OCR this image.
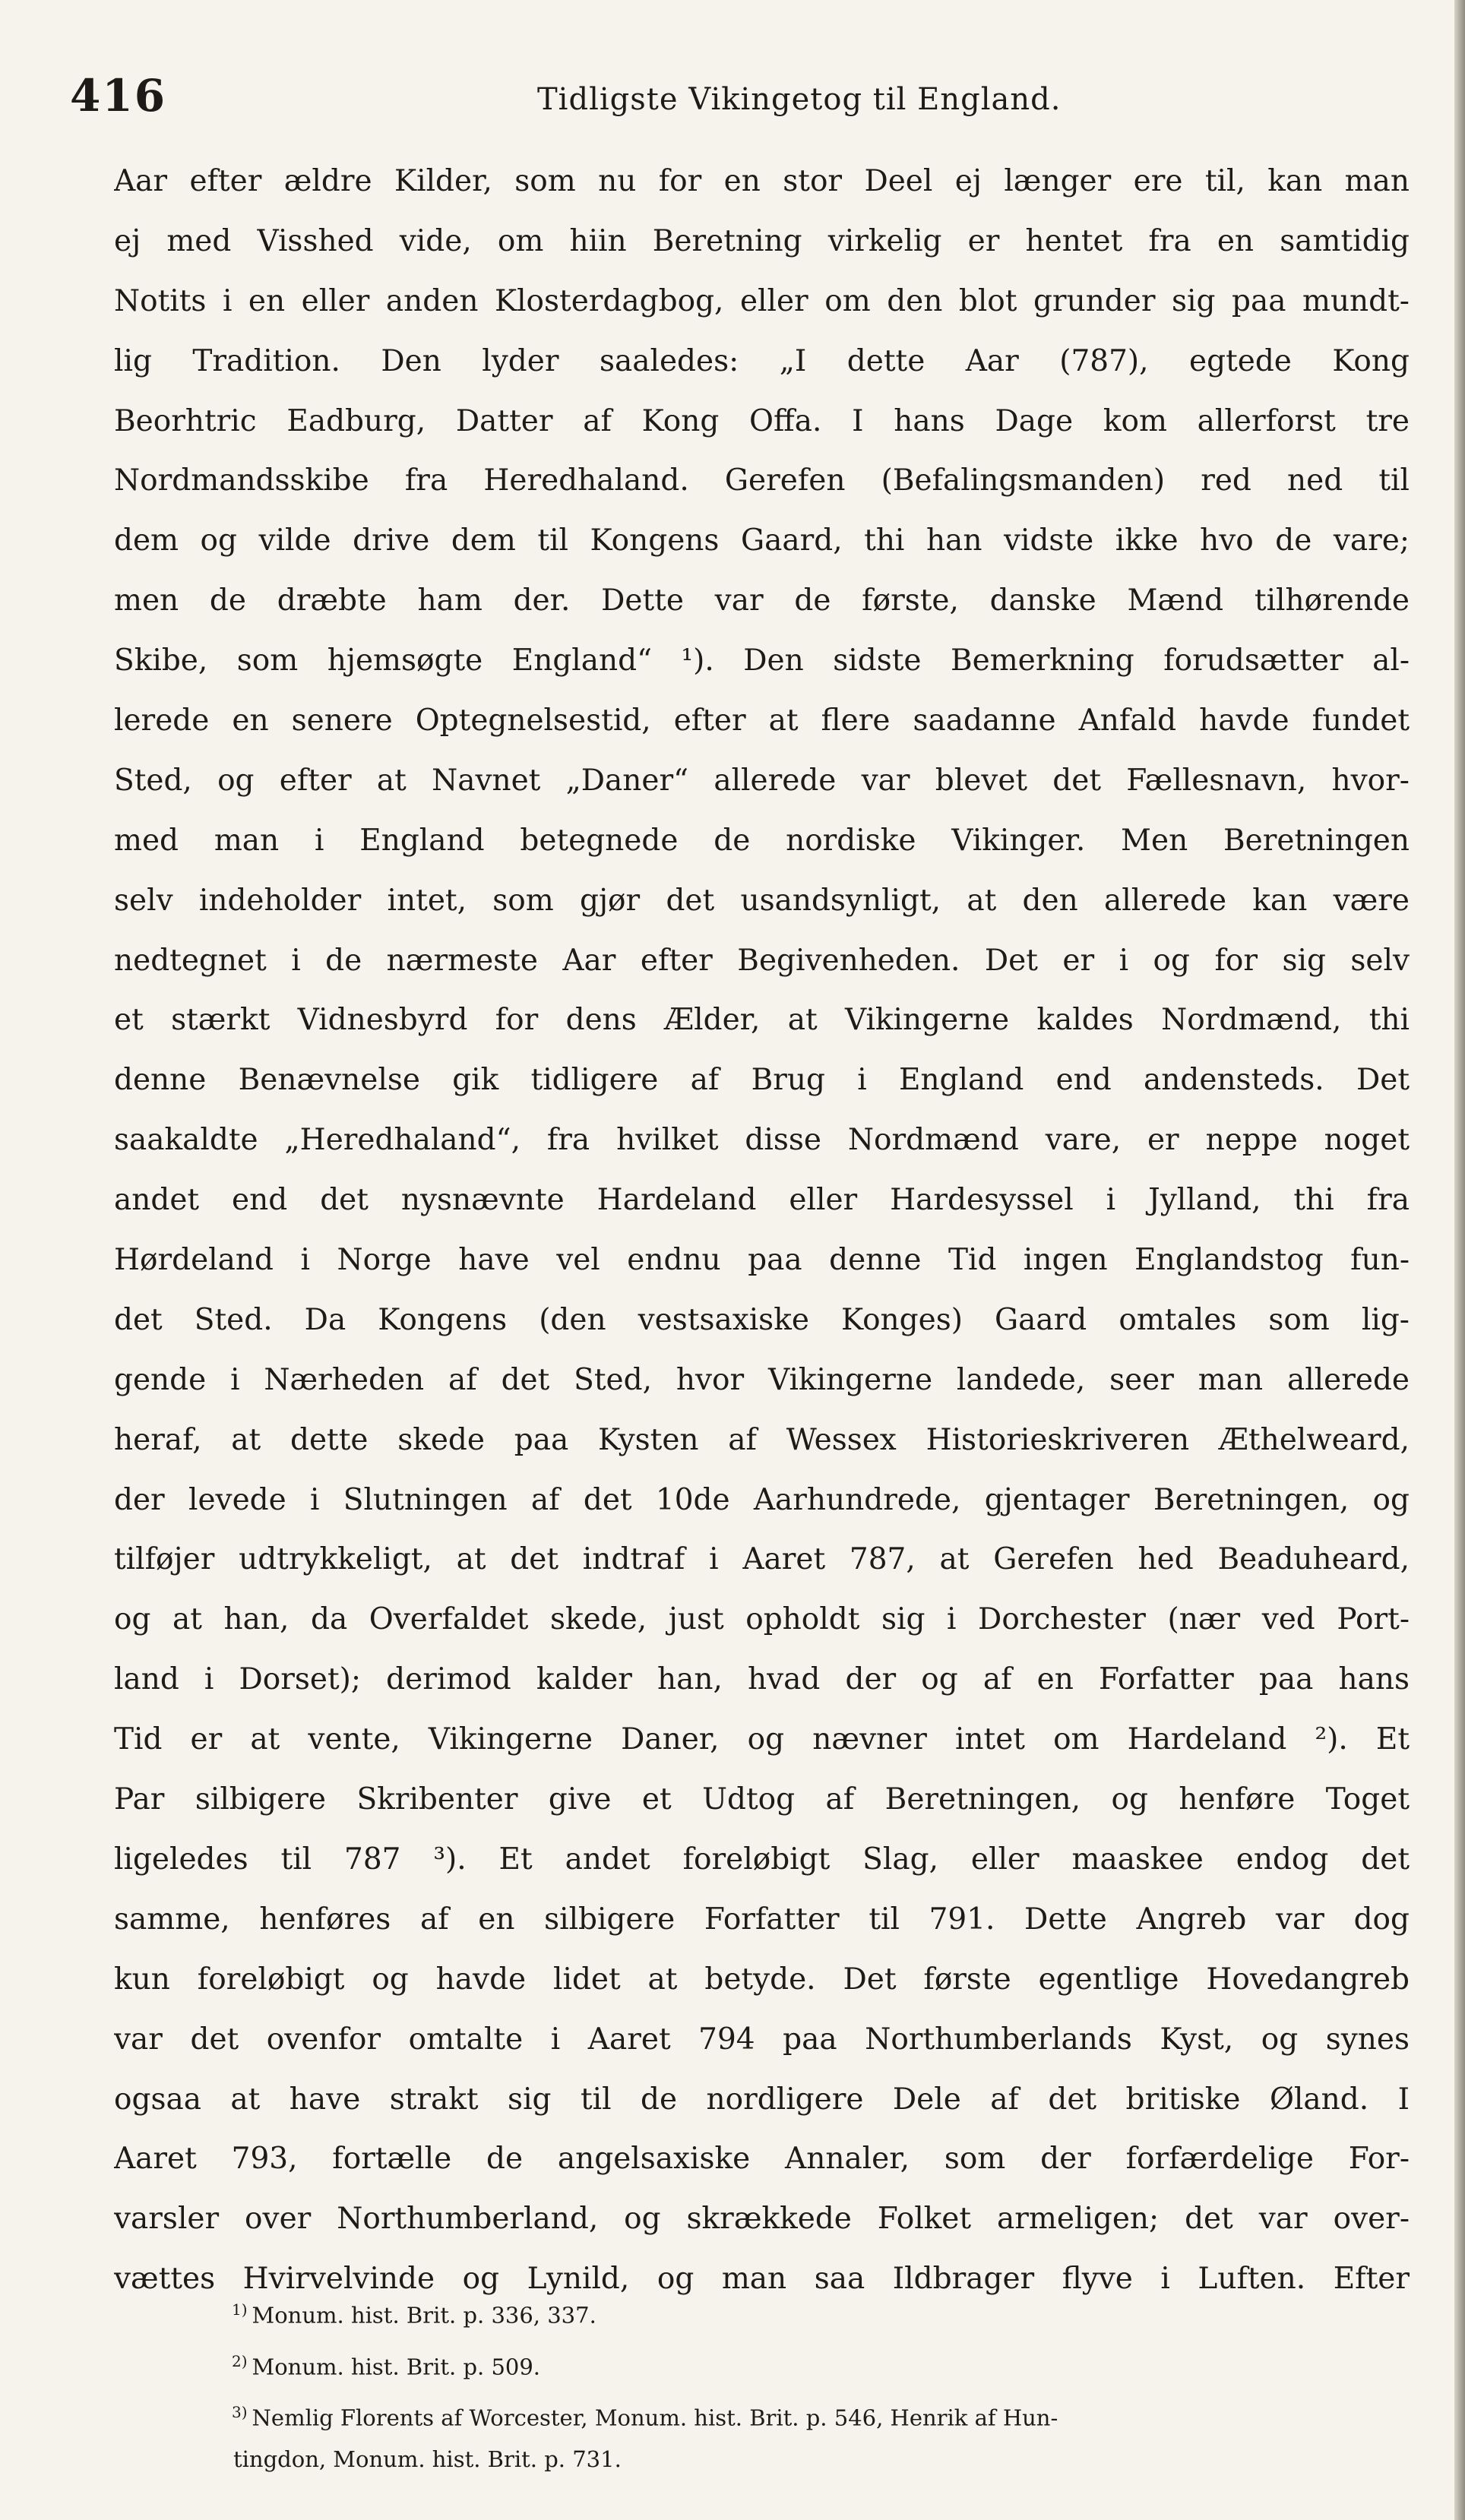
416	Tidligste Vikingetog til England.
Aar efter ældre Kilder, som nu for en stor Deel ej længer ere til, kan man
ej med Visshed vide, om hiin Beretning virkelig er hentet fra en samtidig
Notits i en eller anden Klosterdagbog, eller om den blot grunder sig paa mundt-
lig Tradition. Den lyder saaledes: „I dette Aar (787), egtede Kong
Beorhtric Eadburg, Datter af Kong Offa. I hans Dage kom allerforst tre
Nordmandsskibe fra Heredhaland. Gerefen (Befalingsmanden) red ned til
dem og vilde drive dem til Kongens Gaard, thi han vidste ikke hvo de vare;
men de dræbte ham der. Dette var de første, danske Mænd tilhørende
Skibe, som hjemsøgte England“ ¹). Den sidste Bemerkning forudsætter al-
lerede en senere Optegnelsestid, efter at flere saadanne Anfald havde fundet
Sted, og efter at Navnet „Daner“ allerede var blevet det Fællesnavn, hvor-
med man i England betegnede de nordiske Vikinger. Men Beretningen
selv indeholder intet, som gjør det usandsynligt, at den allerede kan være
nedtegnet i de nærmeste Aar efter Begivenheden. Det er i og for sig selv
et stærkt Vidnesbyrd for dens Ælder, at Vikingerne kaldes Nordmænd, thi
denne Benævnelse gik tidligere af Brug i England end andensteds. Det
saakaldte „Heredhaland“, fra hvilket disse Nordmænd vare, er neppe noget
andet end det nysnævnte Hardeland eller Hardesyssel i Jylland, thi fra
Hørdeland i Norge have vel endnu paa denne Tid ingen Englandstog fun-
det Sted. Da Kongens (den vestsaxiske Konges) Gaard omtales som lig-
gende i Nærheden af det Sted, hvor Vikingerne landede, seer man allerede
heraf, at dette skede paa Kysten af Wessex Historieskriveren Æthelweard,
der levede i Slutningen af det 10de Aarhundrede, gjentager Beretningen, og
tilføjer udtrykkeligt, at det indtraf i Aaret 787, at Gerefen hed Beaduheard,
og at han, da Overfaldet skede, just opholdt sig i Dorchester (nær ved Port-
land i Dorset); derimod kalder han, hvad der og af en Forfatter paa hans
Tid er at vente, Vikingerne Daner, og nævner intet om Hardeland ²). Et
Par silbigere Skribenter give et Udtog af Beretningen, og henføre Toget
ligeledes til 787 ³). Et andet foreløbigt Slag, eller maaskee endog det
samme, henføres af en silbigere Forfatter til 791. Dette Angreb var dog
kun foreløbigt og havde lidet at betyde. Det første egentlige Hovedangreb
var det ovenfor omtalte i Aaret 794 paa Northumberlands Kyst, og synes
ogsaa at have strakt sig til de nordligere Dele af det britiske Øland. I
Aaret 793, fortælle de angelsaxiske Annaler, som der forfærdelige For-
varsler over Northumberland, og skrækkede Folket armeligen; det var over-
vættes Hvirvelvinde og Lynild, og man saa Ildbrager flyve i Luften. Efter
$^{1)}$ Monum. hist. Brit. p. 336, 337.
$^{2)}$ Monum. hist. Brit. p. 509.
$^{3)}$ Nemlig Florents af Worcester, Monum. hist. Brit. p. 546, Henrik af Hun-
tingdon, Monum. hist. Brit. p. 731.
